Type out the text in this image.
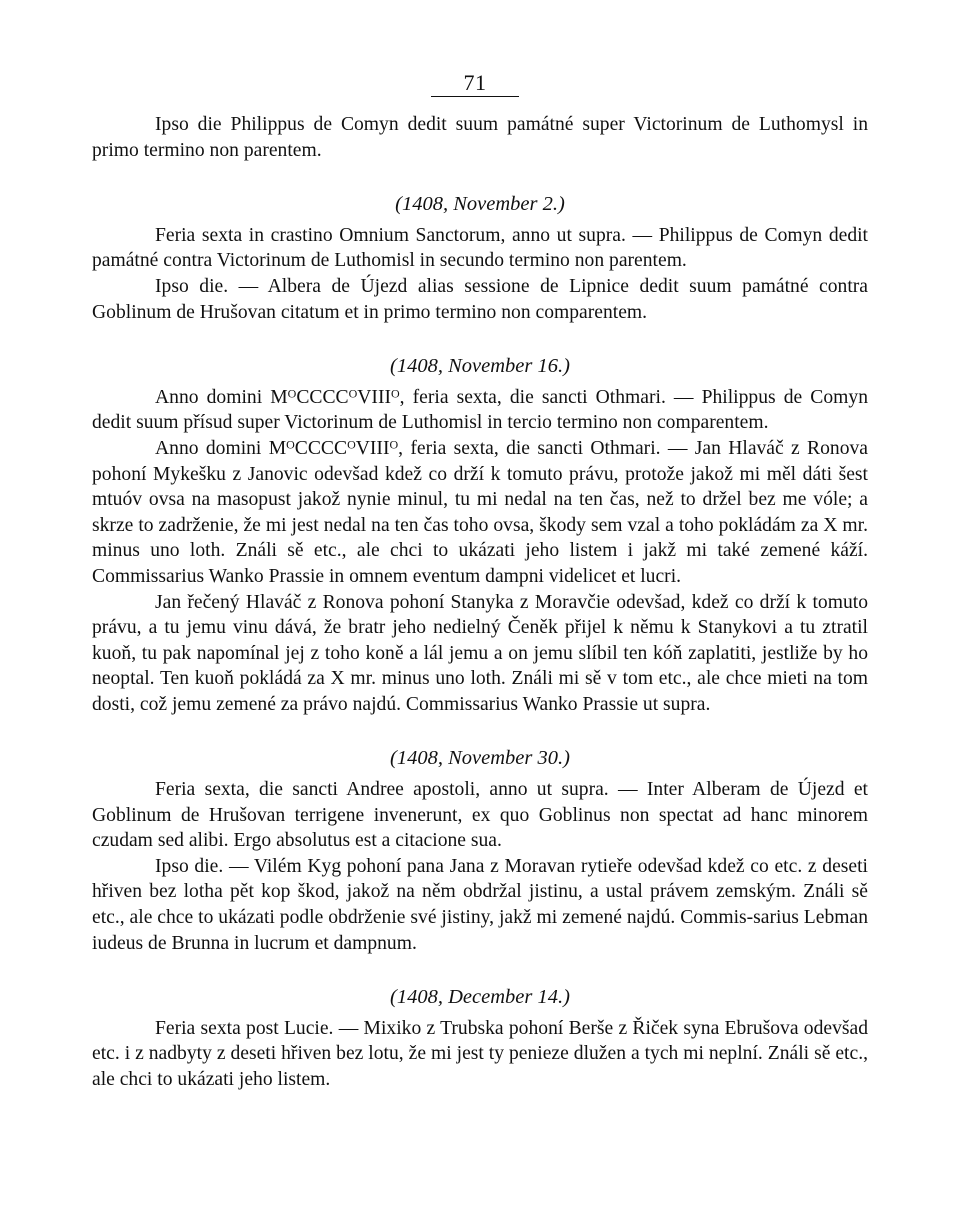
71

Ipso die Philippus de Comyn dedit suum památné super Victorinum de Luthomysl in primo termino non parentem.

(1408, November 2.)

Feria sexta in crastino Omnium Sanctorum, anno ut supra. — Philippus de Comyn dedit památné contra Victorinum de Luthomisl in secundo termino non parentem.

Ipso die. — Albera de Újezd alias sessione de Lipnice dedit suum památné contra Goblinum de Hrušovan citatum et in primo termino non comparentem.

(1408, November 16.)

Anno domini $M^OCCCC^OVIII^O$, feria sexta, die sancti Othmari. — Philippus de Comyn dedit suum přísud super Victorinum de Luthomisl in tercio termino non comparentem.

Anno domini $M^OCCCC^OVIII^O$, feria sexta, die sancti Othmari. — Jan Hlaváč z Ronova pohoní Mykešku z Janovic odevšad kdež co drží k tomuto právu, protože jakož mi měl dáti šest mtuóv ovsa na masopust jakož nynie minul, tu mi nedal na ten čas, než to držel bez me vóle; a skrze to zadrženie, že mi jest nedal na ten čas toho ovsa, škody sem vzal a toho pokládám za X mr. minus uno loth. Ználi sě etc., ale chci to ukázati jeho listem i jakž mi také zemené káží. Commissarius Wanko Prassie in omnem eventum dampni videlicet et lucri.

Jan řečený Hlaváč z Ronova pohoní Stanyka z Moravčie odevšad, kdež co drží k tomuto právu, a tu jemu vinu dává, že bratr jeho nedielný Čeněk přijel k němu k Stanykovi a tu ztratil kuoň, tu pak napomínal jej z toho koně a lál jemu a on jemu slíbil ten kóň zaplatiti, jestliže by ho neoptal. Ten kuoň pokládá za X mr. minus uno loth. Ználi mi sě v tom etc., ale chce mieti na tom dosti, což jemu zemené za právo najdú. Commissarius Wanko Prassie ut supra.

(1408, November 30.)

Feria sexta, die sancti Andree apostoli, anno ut supra. — Inter Alberam de Újezd et Goblinum de Hrušovan terrigene invenerunt, ex quo Goblinus non spectat ad hanc minorem czudam sed alibi. Ergo absolutus est a citacione sua.

Ipso die. — Vilém Kyg pohoní pana Jana z Moravan rytieře odevšad kdež co etc. z deseti hřiven bez lotha pět kop škod, jakož na něm obdržal jistinu, a ustal právem zemským. Ználi sě etc., ale chce to ukázati podle obdrženie své jistiny, jakž mi zemené najdú. Commis-sarius Lebman iudeus de Brunna in lucrum et dampnum.

(1408, December 14.)

Feria sexta post Lucie. — Mixiko z Trubska pohoní Berše z Řiček syna Ebrušova odevšad etc. i z nadbyty z deseti hřiven bez lotu, že mi jest ty penieze dlužen a tych mi neplní. Ználi sě etc., ale chci to ukázati jeho listem.
